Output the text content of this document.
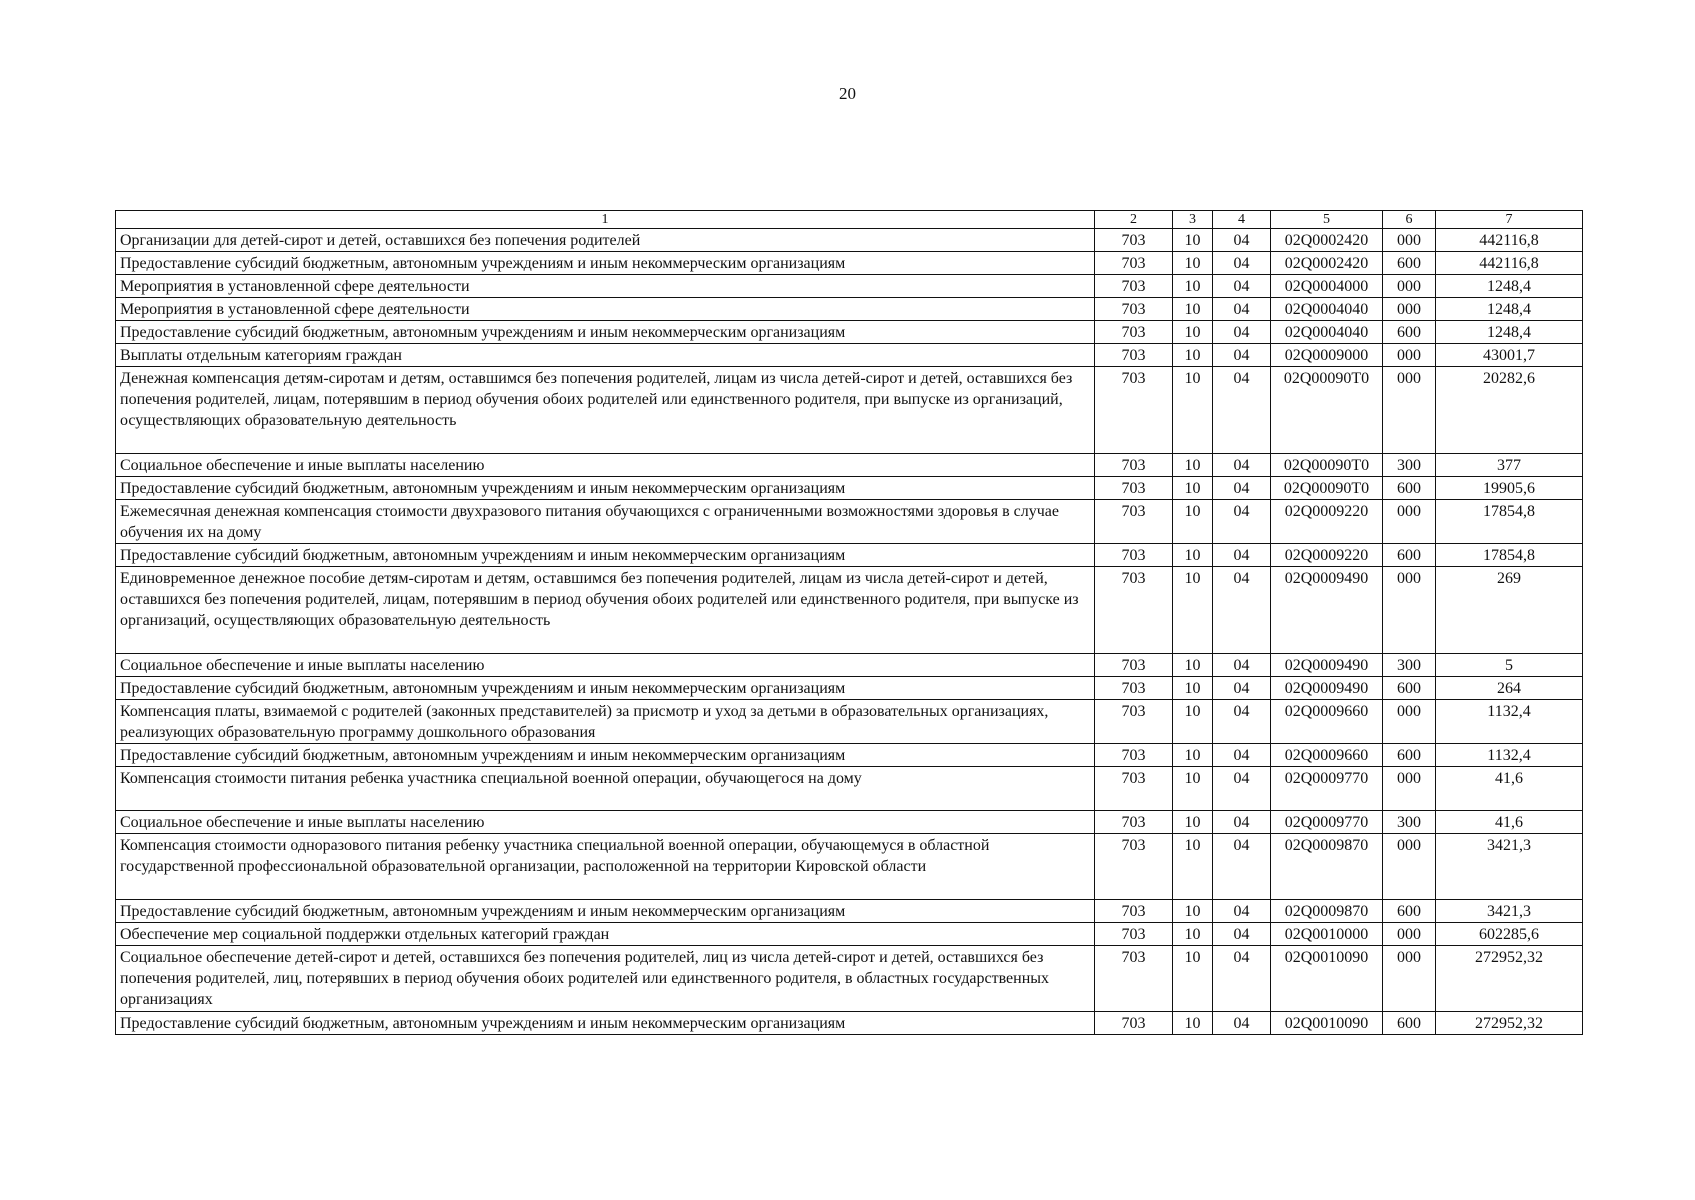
20
1	2	3	4	5	6	7
Организации для детей-сирот и детей, оставшихся без попечения родителей	703	10	04	02Q0002420	000	442116,8
Предоставление субсидий бюджетным, автономным учреждениям и иным некоммерческим организациям	703	10	04	02Q0002420	600	442116,8
Мероприятия в установленной сфере деятельности	703	10	04	02Q0004000	000	1248,4
Мероприятия в установленной сфере деятельности	703	10	04	02Q0004040	000	1248,4
Предоставление субсидий бюджетным, автономным учреждениям и иным некоммерческим организациям	703	10	04	02Q0004040	600	1248,4
Выплаты отдельным категориям граждан	703	10	04	02Q0009000	000	43001,7
Денежная компенсация детям-сиротам и детям, оставшимся без попечения родителей, лицам из числа детей-сирот и детей, оставшихся без попечения родителей, лицам, потерявшим в период обучения обоих родителей или единственного родителя, при выпуске из организаций, осуществляющих образовательную деятельность	703	10	04	02Q00090T0	000	20282,6
Социальное обеспечение и иные выплаты населению	703	10	04	02Q00090T0	300	377
Предоставление субсидий бюджетным, автономным учреждениям и иным некоммерческим организациям	703	10	04	02Q00090T0	600	19905,6
Ежемесячная денежная компенсация стоимости двухразового питания обучающихся с ограниченными возможностями здоровья в случае обучения их на дому	703	10	04	02Q0009220	000	17854,8
Предоставление субсидий бюджетным, автономным учреждениям и иным некоммерческим организациям	703	10	04	02Q0009220	600	17854,8
Единовременное денежное пособие детям-сиротам и детям, оставшимся без попечения родителей, лицам из числа детей-сирот и детей, оставшихся без попечения родителей, лицам, потерявшим в период обучения обоих родителей или единственного родителя, при выпуске из организаций, осуществляющих образовательную деятельность	703	10	04	02Q0009490	000	269
Социальное обеспечение и иные выплаты населению	703	10	04	02Q0009490	300	5
Предоставление субсидий бюджетным, автономным учреждениям и иным некоммерческим организациям	703	10	04	02Q0009490	600	264
Компенсация платы, взимаемой с родителей (законных представителей) за присмотр и уход за детьми в образовательных организациях, реализующих образовательную программу дошкольного образования	703	10	04	02Q0009660	000	1132,4
Предоставление субсидий бюджетным, автономным учреждениям и иным некоммерческим организациям	703	10	04	02Q0009660	600	1132,4
Компенсация стоимости питания ребенка участника специальной военной операции, обучающегося на дому	703	10	04	02Q0009770	000	41,6
Социальное обеспечение и иные выплаты населению	703	10	04	02Q0009770	300	41,6
Компенсация стоимости одноразового питания ребенку участника специальной военной операции, обучающемуся в областной государственной профессиональной образовательной организации, расположенной на территории Кировской области	703	10	04	02Q0009870	000	3421,3
Предоставление субсидий бюджетным, автономным учреждениям и иным некоммерческим организациям	703	10	04	02Q0009870	600	3421,3
Обеспечение мер социальной поддержки отдельных категорий граждан	703	10	04	02Q0010000	000	602285,6
Социальное обеспечение детей-сирот и детей, оставшихся без попечения родителей, лиц из числа детей-сирот и детей, оставшихся без попечения родителей, лиц, потерявших в период обучения обоих родителей или единственного родителя, в областных государственных организациях	703	10	04	02Q0010090	000	272952,32
Предоставление субсидий бюджетным, автономным учреждениям и иным некоммерческим организациям	703	10	04	02Q0010090	600	272952,32
